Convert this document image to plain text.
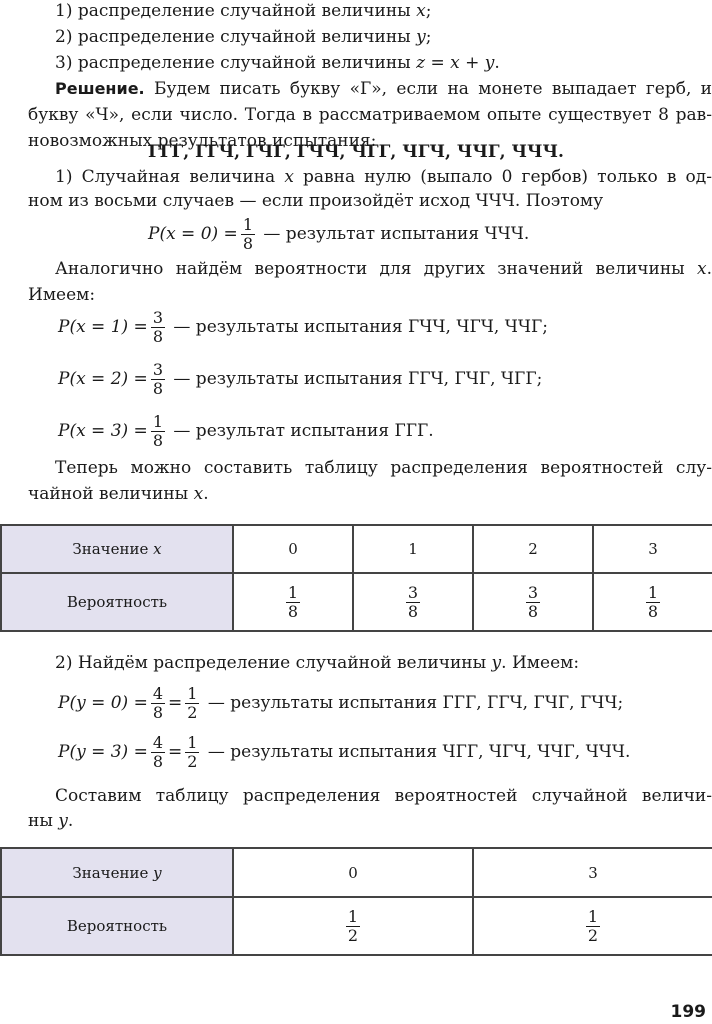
1) распределение случайной величины x;
2) распределение случайной величины y;
3) распределение случайной величины z = x + y.
Решение. Будем писать букву «Г», если на монете выпадает герб, и
букву «Ч», если число. Тогда в рассматриваемом опыте существует 8 рав-
новозможных результатов испытания:
ГГГ, ГГЧ, ГЧГ, ГЧЧ, ЧГГ, ЧГЧ, ЧЧГ, ЧЧЧ.
1) Случайная величина x равна нулю (выпало 0 гербов) только в од-
ном из восьми случаев — если произойдёт исход ЧЧЧ. Поэтому
$P(x = 0) = \frac{1}{8}$ — результат испытания ЧЧЧ.
Аналогично найдём вероятности для других значений величины x.
Имеем:
$P(x = 1) = \frac{3}{8}$ — результаты испытания ГЧЧ, ЧГЧ, ЧЧГ;
$P(x = 2) = \frac{3}{8}$ — результаты испытания ГГЧ, ГЧГ, ЧГГ;
$P(x = 3) = \frac{1}{8}$ — результат испытания ГГГ.
Теперь можно составить таблицу распределения вероятностей слу-
чайной величины x.
Значение x	0	1	2	3
Вероятность	$\frac{1}{8}$	$\frac{3}{8}$	$\frac{3}{8}$	$\frac{1}{8}$
2) Найдём распределение случайной величины y. Имеем:
$P(y = 0) = \frac{4}{8} = \frac{1}{2}$ — результаты испытания ГГГ, ГГЧ, ГЧГ, ГЧЧ;
$P(y = 3) = \frac{4}{8} = \frac{1}{2}$ — результаты испытания ЧГГ, ЧГЧ, ЧЧГ, ЧЧЧ.
Составим таблицу распределения вероятностей случайной величи-
ны y.
Значение y	0	3
Вероятность	$\frac{1}{2}$	$\frac{1}{2}$
199
